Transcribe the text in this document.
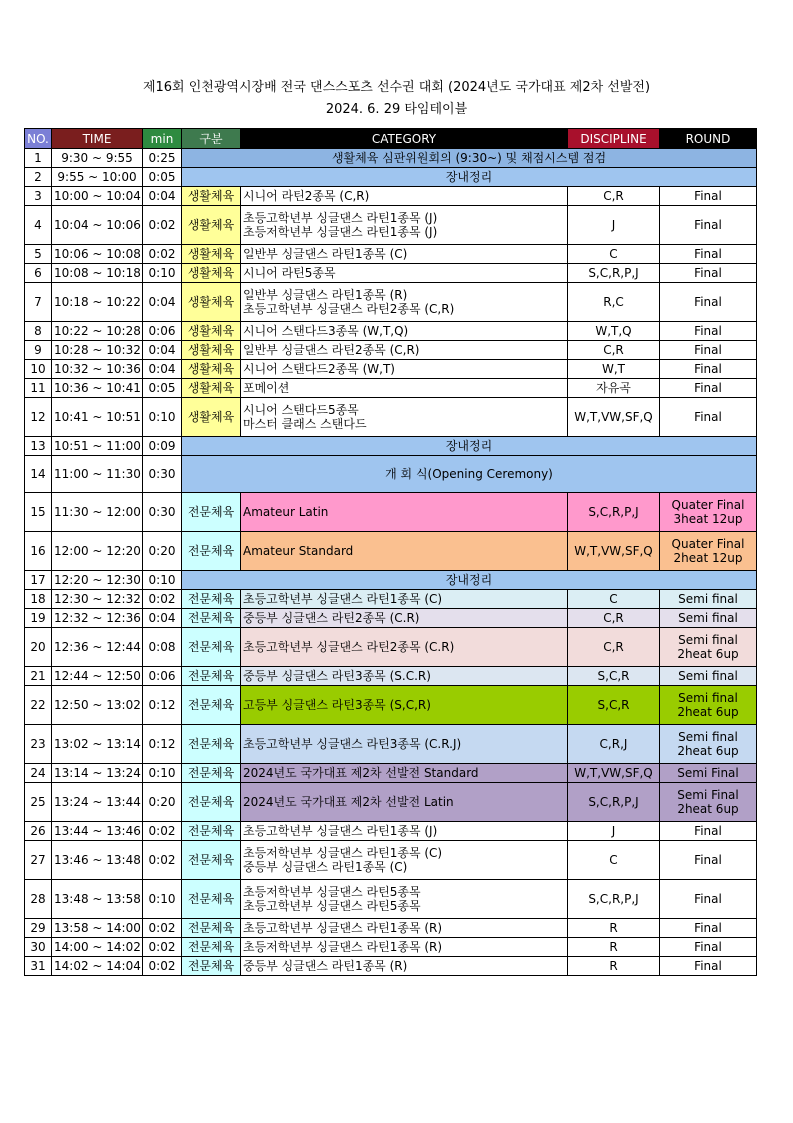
제16회 인천광역시장배 전국 댄스스포츠 선수권 대회 (2024년도 국가대표 제2차 선발전)
2024. 6. 29 타임테이블
NO.	TIME	min	구분	CATEGORY	DISCIPLINE	ROUND
1	9:30 ~ 9:55	0:25	생활체육 심판위원회의 (9:30~) 및 채점시스템 점검			
2	9:55 ~ 10:00	0:05	장내정리			
3	10:00 ~ 10:04	0:04	생활체육	시니어 라틴2종목 (C,R)	C,R	Final

4	10:04 ~ 10:06	0:02	생활체육	초등고학년부 싱글댄스 라틴1종목 (J)
초등저학년부 싱글댄스 라틴1종목 (J)	J	Final

5	10:06 ~ 10:08	0:02	생활체육	일반부 싱글댄스 라틴1종목 (C)	C	Final

6	10:08 ~ 10:18	0:10	생활체육	시니어 라틴5종목	S,C,R,P,J	Final

7	10:18 ~ 10:22	0:04	생활체육	일반부 싱글댄스 라틴1종목 (R)
초등고학년부 싱글댄스 라틴2종목 (C,R)	R,C	Final

8	10:22 ~ 10:28	0:06	생활체육	시니어 스탠다드3종목 (W,T,Q)	W,T,Q	Final

9	10:28 ~ 10:32	0:04	생활체육	일반부 싱글댄스 라틴2종목 (C,R)	C,R	Final

10	10:32 ~ 10:36	0:04	생활체육	시니어 스탠다드2종목 (W,T)	W,T	Final

11	10:36 ~ 10:41	0:05	생활체육	포메이션	자유곡	Final

12	10:41 ~ 10:51	0:10	생활체육	시니어 스탠다드5종목
마스터 클래스 스탠다드	W,T,VW,SF,Q	Final

13	10:51 ~ 11:00	0:09	장내정리			
14	11:00 ~ 11:30	0:30	개 회 식(Opening Ceremony)			
15	11:30 ~ 12:00	0:30	전문체육	Amateur Latin	S,C,R,P,J	Quater Final
3heat 12up

16	12:00 ~ 12:20	0:20	전문체육	Amateur Standard	W,T,VW,SF,Q	Quater Final
2heat 12up

17	12:20 ~ 12:30	0:10	장내정리			
18	12:30 ~ 12:32	0:02	전문체육	초등고학년부 싱글댄스 라틴1종목 (C)	C	Semi final

19	12:32 ~ 12:36	0:04	전문체육	중등부 싱글댄스 라틴2종목 (C.R)	C,R	Semi final

20	12:36 ~ 12:44	0:08	전문체육	초등고학년부 싱글댄스 라틴2종목 (C.R)	C,R	Semi final
2heat 6up

21	12:44 ~ 12:50	0:06	전문체육	중등부 싱글댄스 라틴3종목 (S.C.R)	S,C,R	Semi final

22	12:50 ~ 13:02	0:12	전문체육	고등부 싱글댄스 라틴3종목 (S,C,R)	S,C,R	Semi final
2heat 6up

23	13:02 ~ 13:14	0:12	전문체육	초등고학년부 싱글댄스 라틴3종목 (C.R.J)	C,R,J	Semi final
2heat 6up

24	13:14 ~ 13:24	0:10	전문체육	2024년도 국가대표 제2차 선발전 Standard	W,T,VW,SF,Q	Semi Final

25	13:24 ~ 13:44	0:20	전문체육	2024년도 국가대표 제2차 선발전 Latin	S,C,R,P,J	Semi Final
2heat 6up

26	13:44 ~ 13:46	0:02	전문체육	초등고학년부 싱글댄스 라틴1종목 (J)	J	Final

27	13:46 ~ 13:48	0:02	전문체육	초등저학년부 싱글댄스 라틴1종목 (C)
중등부 싱글댄스 라틴1종목 (C)	C	Final

28	13:48 ~ 13:58	0:10	전문체육	초등저학년부 싱글댄스 라틴5종목
초등고학년부 싱글댄스 라틴5종목	S,C,R,P,J	Final

29	13:58 ~ 14:00	0:02	전문체육	초등고학년부 싱글댄스 라틴1종목 (R)	R	Final

30	14:00 ~ 14:02	0:02	전문체육	초등저학년부 싱글댄스 라틴1종목 (R)	R	Final

31	14:02 ~ 14:04	0:02	전문체육	중등부 싱글댄스 라틴1종목 (R)	R	Final
